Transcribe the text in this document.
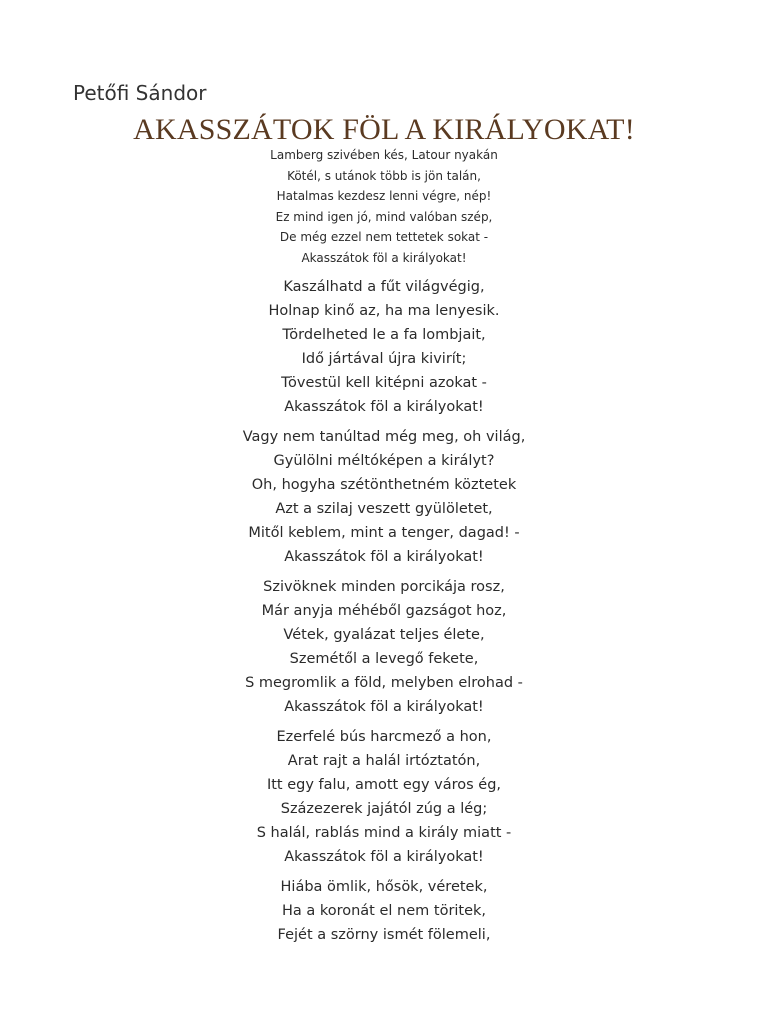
Petőfi Sándor
AKASSZÁTOK FÖL A KIRÁLYOKAT!
Lamberg szivében kés, Latour nyakán
Kötél, s utánok több is jön talán,
Hatalmas kezdesz lenni végre, nép!
Ez mind igen jó, mind valóban szép,
De még ezzel nem tettetek sokat -
Akasszátok föl a királyokat!
Kaszálhatd a fűt világvégig,
Holnap kinő az, ha ma lenyesik.
Tördelheted le a fa lombjait,
Idő jártával újra kivirít;
Tövestül kell kitépni azokat -
Akasszátok föl a királyokat!
Vagy nem tanúltad még meg, oh világ,
Gyülölni méltóképen a királyt?
Oh, hogyha szétönthetném köztetek
Azt a szilaj veszett gyülöletet,
Mitől keblem, mint a tenger, dagad! -
Akasszátok föl a királyokat!
Szivöknek minden porcikája rosz,
Már anyja méhéből gazságot hoz,
Vétek, gyalázat teljes élete,
Szemétől a levegő fekete,
S megromlik a föld, melyben elrohad -
Akasszátok föl a királyokat!
Ezerfelé bús harcmező a hon,
Arat rajt a halál irtóztatón,
Itt egy falu, amott egy város ég,
Százezerek jajától zúg a lég;
S halál, rablás mind a király miatt -
Akasszátok föl a királyokat!
Hiába ömlik, hősök, véretek,
Ha a koronát el nem töritek,
Fejét a szörny ismét fölemeli,
